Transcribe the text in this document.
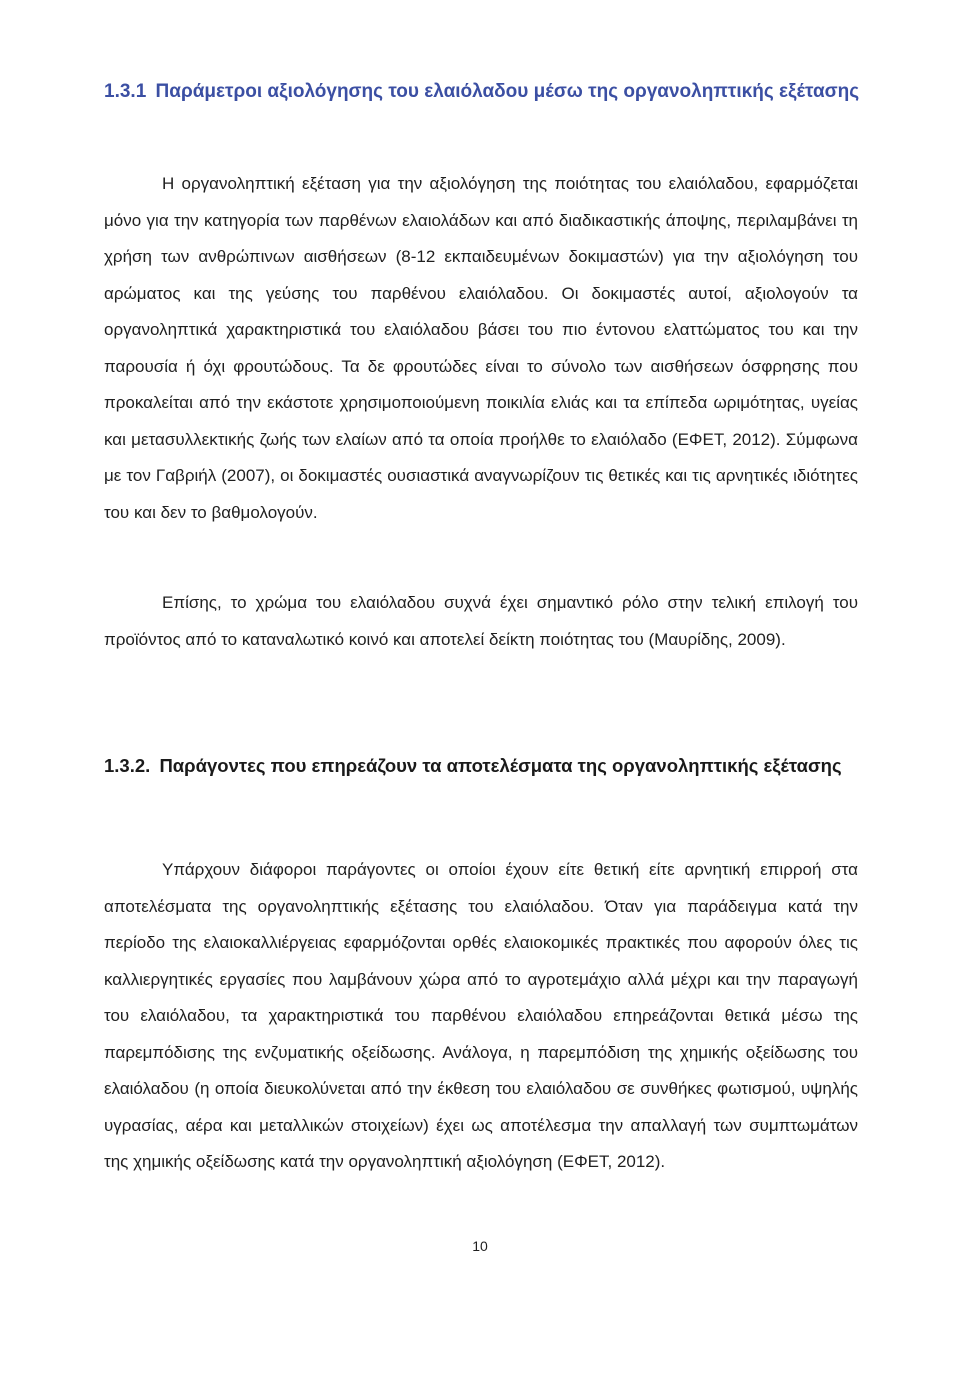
1.3.1 Παράμετροι αξιολόγησης του ελαιόλαδου μέσω της οργανοληπτικής εξέτασης

Η οργανοληπτική εξέταση για την αξιολόγηση της ποιότητας του ελαιόλαδου, εφαρμόζεται μόνο για την κατηγορία των παρθένων ελαιολάδων και από διαδικαστικής άποψης, περιλαμβάνει τη χρήση των ανθρώπινων αισθήσεων (8-12 εκπαιδευμένων δοκιμαστών) για την αξιολόγηση του αρώματος και της γεύσης του παρθένου ελαιόλαδου. Οι δοκιμαστές αυτοί, αξιολογούν τα οργανοληπτικά χαρακτηριστικά του ελαιόλαδου βάσει του πιο έντονου ελαττώματος του και την παρουσία ή όχι φρουτώδους. Τα δε φρουτώδες είναι το σύνολο των αισθήσεων όσφρησης που προκαλείται από την εκάστοτε χρησιμοποιούμενη ποικιλία ελιάς και τα επίπεδα ωριμότητας, υγείας και μετασυλλεκτικής ζωής των ελαίων από τα οποία προήλθε το ελαιόλαδο (ΕΦΕΤ, 2012). Σύμφωνα με τον Γαβριήλ (2007), οι δοκιμαστές ουσιαστικά αναγνωρίζουν τις θετικές και τις αρνητικές ιδιότητες του και δεν το βαθμολογούν.

Επίσης, το χρώμα του ελαιόλαδου συχνά έχει σημαντικό ρόλο στην τελική επιλογή του προϊόντος από το καταναλωτικό κοινό και αποτελεί δείκτη ποιότητας του (Μαυρίδης, 2009).

1.3.2. Παράγοντες που επηρεάζουν τα αποτελέσματα της οργανοληπτικής εξέτασης

Υπάρχουν διάφοροι παράγοντες οι οποίοι έχουν είτε θετική είτε αρνητική επιρροή στα αποτελέσματα της οργανοληπτικής εξέτασης του ελαιόλαδου. Όταν για παράδειγμα κατά την περίοδο της ελαιοκαλλιέργειας εφαρμόζονται ορθές ελαιοκομικές πρακτικές που αφορούν όλες τις καλλιεργητικές εργασίες που λαμβάνουν χώρα από το αγροτεμάχιο αλλά μέχρι και την παραγωγή του ελαιόλαδου, τα χαρακτηριστικά του παρθένου ελαιόλαδου επηρεάζονται θετικά μέσω της παρεμπόδισης της ενζυματικής οξείδωσης. Ανάλογα, η παρεμπόδιση της χημικής οξείδωσης του ελαιόλαδου (η οποία διευκολύνεται από την έκθεση του ελαιόλαδου σε συνθήκες φωτισμού, υψηλής υγρασίας, αέρα και μεταλλικών στοιχείων) έχει ως αποτέλεσμα την απαλλαγή των συμπτωμάτων της χημικής οξείδωσης κατά την οργανοληπτική αξιολόγηση (ΕΦΕΤ, 2012).

10
